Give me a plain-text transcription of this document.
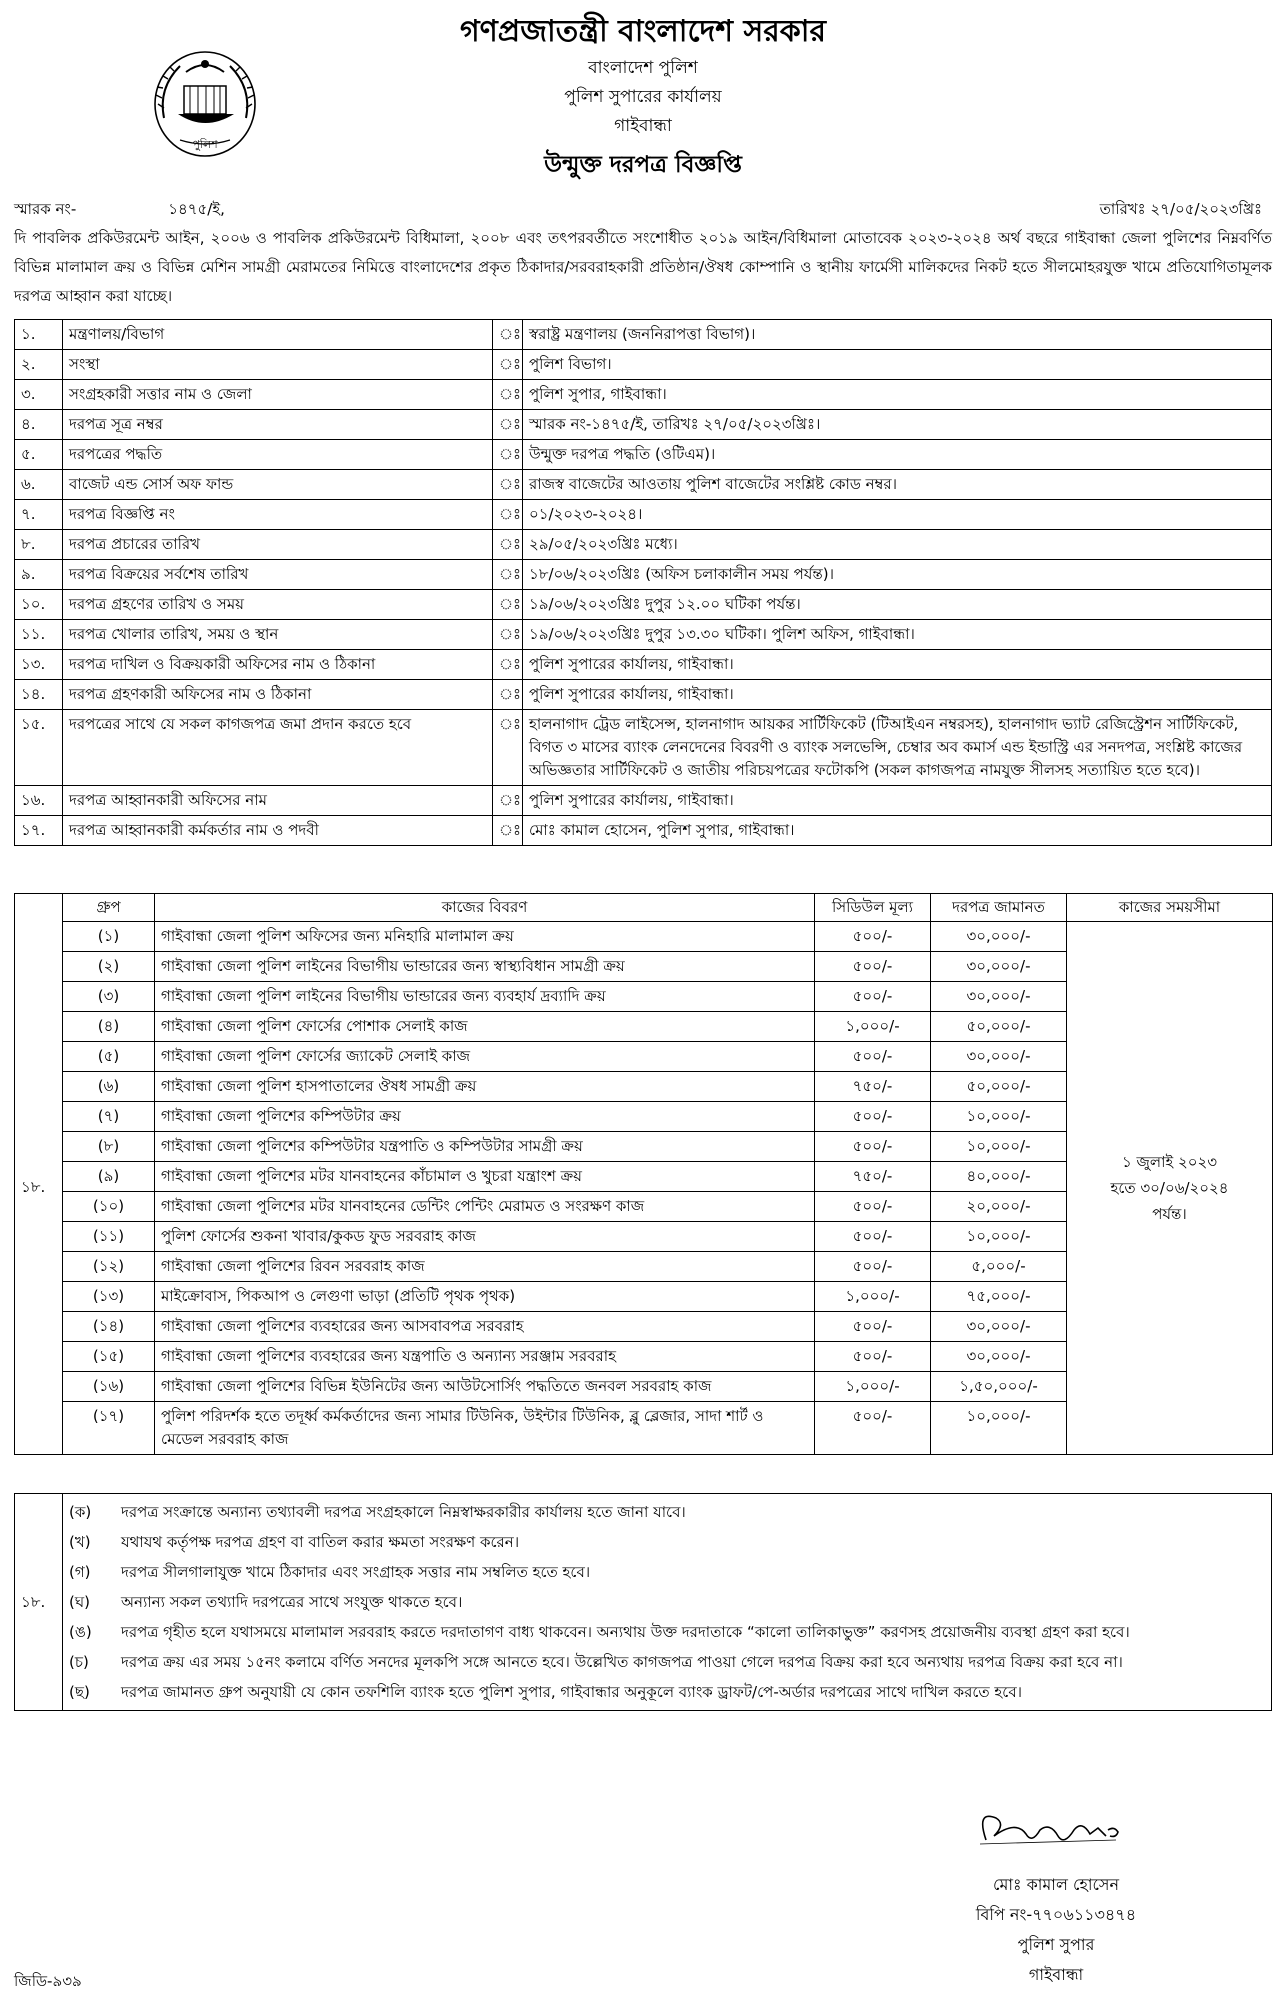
পুলিশ
গণপ্রজাতন্ত্রী বাংলাদেশ সরকার
বাংলাদেশ পুলিশ
পুলিশ সুপারের কার্যালয়
গাইবান্ধা
উন্মুক্ত দরপত্র বিজ্ঞপ্তি
স্মারক নং-	১৪৭৫/ই,	তারিখঃ ২৭/০৫/২০২৩খ্রিঃ
দি পাবলিক প্রকিউরমেন্ট আইন, ২০০৬ ও পাবলিক প্রকিউরমেন্ট বিধিমালা, ২০০৮ এবং তৎপরবর্তীতে সংশোধীত ২০১৯ আইন/বিধিমালা মোতাবেক ২০২৩-২০২৪ অর্থ বছরে গাইবান্ধা জেলা পুলিশের নিম্নবর্ণিত বিভিন্ন মালামাল ক্রয় ও বিভিন্ন মেশিন সামগ্রী মেরামতের নিমিত্তে বাংলাদেশের প্রকৃত ঠিকাদার/সরবরাহকারী প্রতিষ্ঠান/ঔষধ কোম্পানি ও স্থানীয় ফার্মেসী মালিকদের নিকট হতে সীলমোহরযুক্ত খামে প্রতিযোগিতামূলক দরপত্র আহ্বান করা যাচ্ছে।
১.	মন্ত্রণালয়/বিভাগ	ঃ	স্বরাষ্ট্র মন্ত্রণালয় (জননিরাপত্তা বিভাগ)।
২.	সংস্থা	ঃ	পুলিশ বিভাগ।
৩.	সংগ্রহকারী সত্তার নাম ও জেলা	ঃ	পুলিশ সুপার, গাইবান্ধা।
৪.	দরপত্র সূত্র নম্বর	ঃ	স্মারক নং-১৪৭৫/ই, তারিখঃ ২৭/০৫/২০২৩খ্রিঃ।
৫.	দরপত্রের পদ্ধতি	ঃ	উন্মুক্ত দরপত্র পদ্ধতি (ওটিএম)।
৬.	বাজেট এন্ড সোর্স অফ ফান্ড	ঃ	রাজস্ব বাজেটের আওতায় পুলিশ বাজেটের সংশ্লিষ্ট কোড নম্বর।
৭.	দরপত্র বিজ্ঞপ্তি নং	ঃ	০১/২০২৩-২০২৪।
৮.	দরপত্র প্রচারের তারিখ	ঃ	২৯/০৫/২০২৩খ্রিঃ মধ্যে।
৯.	দরপত্র বিক্রয়ের সর্বশেষ তারিখ	ঃ	১৮/০৬/২০২৩খ্রিঃ (অফিস চলাকালীন সময় পর্যন্ত)।
১০.	দরপত্র গ্রহণের তারিখ ও সময়	ঃ	১৯/০৬/২০২৩খ্রিঃ দুপুর ১২.০০ ঘটিকা পর্যন্ত।
১১.	দরপত্র খোলার তারিখ, সময় ও স্থান	ঃ	১৯/০৬/২০২৩খ্রিঃ দুপুর ১৩.৩০ ঘটিকা। পুলিশ অফিস, গাইবান্ধা।
১৩.	দরপত্র দাখিল ও বিক্রয়কারী অফিসের নাম ও ঠিকানা	ঃ	পুলিশ সুপারের কার্যালয়, গাইবান্ধা।
১৪.	দরপত্র গ্রহণকারী অফিসের নাম ও ঠিকানা	ঃ	পুলিশ সুপারের কার্যালয়, গাইবান্ধা।
১৫.	দরপত্রের সাথে যে সকল কাগজপত্র জমা প্রদান করতে হবে	ঃ	হালনাগাদ ট্রেড লাইসেন্স, হালনাগাদ আয়কর সার্টিফিকেট (টিআইএন নম্বরসহ), হালনাগাদ ভ্যাট রেজিস্ট্রেশন সার্টিফিকেট, বিগত ৩ মাসের ব্যাংক লেনদেনের বিবরণী ও ব্যাংক সলভেন্সি, চেম্বার অব কমার্স এন্ড ইন্ডাস্ট্রি এর সনদপত্র, সংশ্লিষ্ট কাজের অভিজ্ঞতার সার্টিফিকেট ও জাতীয় পরিচয়পত্রের ফটোকপি (সকল কাগজপত্র নামযুক্ত সীলসহ সত্যায়িত হতে হবে)।
১৬.	দরপত্র আহ্বানকারী অফিসের নাম	ঃ	পুলিশ সুপারের কার্যালয়, গাইবান্ধা।
১৭.	দরপত্র আহ্বানকারী কর্মকর্তার নাম ও পদবী	ঃ	মোঃ কামাল হোসেন, পুলিশ সুপার, গাইবান্ধা।
	গ্রুপ	কাজের বিবরণ	সিডিউল মূল্য	দরপত্র জামানত	কাজের সময়সীমা
১৮.	(১)	গাইবান্ধা জেলা পুলিশ অফিসের জন্য মনিহারি মালামাল ক্রয়	৫০০/-	৩০,০০০/-	১ জুলাই ২০২৩
হতে ৩০/০৬/২০২৪
পর্যন্ত।

	(২)	গাইবান্ধা জেলা পুলিশ লাইনের বিভাগীয় ভান্ডারের জন্য স্বাস্থ্যবিধান সামগ্রী ক্রয়	৫০০/-	৩০,০০০/-	
	(৩)	গাইবান্ধা জেলা পুলিশ লাইনের বিভাগীয় ভান্ডারের জন্য ব্যবহার্য দ্রব্যাদি ক্রয়	৫০০/-	৩০,০০০/-	
	(৪)	গাইবান্ধা জেলা পুলিশ ফোর্সের পোশাক সেলাই কাজ	১,০০০/-	৫০,০০০/-	
	(৫)	গাইবান্ধা জেলা পুলিশ ফোর্সের জ্যাকেট সেলাই কাজ	৫০০/-	৩০,০০০/-	
	(৬)	গাইবান্ধা জেলা পুলিশ হাসপাতালের ঔষধ সামগ্রী ক্রয়	৭৫০/-	৫০,০০০/-	
	(৭)	গাইবান্ধা জেলা পুলিশের কম্পিউটার ক্রয়	৫০০/-	১০,০০০/-	
	(৮)	গাইবান্ধা জেলা পুলিশের কম্পিউটার যন্ত্রপাতি ও কম্পিউটার সামগ্রী ক্রয়	৫০০/-	১০,০০০/-	
	(৯)	গাইবান্ধা জেলা পুলিশের মটর যানবাহনের কাঁচামাল ও খুচরা যন্ত্রাংশ ক্রয়	৭৫০/-	৪০,০০০/-	
	(১০)	গাইবান্ধা জেলা পুলিশের মটর যানবাহনের ডেন্টিং পেন্টিং মেরামত ও সংরক্ষণ কাজ	৫০০/-	২০,০০০/-	
	(১১)	পুলিশ ফোর্সের শুকনা খাবার/কুকড ফুড সরবরাহ কাজ	৫০০/-	১০,০০০/-	
	(১২)	গাইবান্ধা জেলা পুলিশের রিবন সরবরাহ কাজ	৫০০/-	৫,০০০/-	
	(১৩)	মাইক্রোবাস, পিকআপ ও লেগুণা ভাড়া (প্রতিটি পৃথক পৃথক)	১,০০০/-	৭৫,০০০/-	
	(১৪)	গাইবান্ধা জেলা পুলিশের ব্যবহারের জন্য আসবাবপত্র সরবরাহ	৫০০/-	৩০,০০০/-	
	(১৫)	গাইবান্ধা জেলা পুলিশের ব্যবহারের জন্য যন্ত্রপাতি ও অন্যান্য সরঞ্জাম সরবরাহ	৫০০/-	৩০,০০০/-	
	(১৬)	গাইবান্ধা জেলা পুলিশের বিভিন্ন ইউনিটের জন্য আউটসোর্সিং পদ্ধতিতে জনবল সরবরাহ কাজ	১,০০০/-	১,৫০,০০০/-	
	(১৭)	পুলিশ পরিদর্শক হতে তদূর্ধ্ব কর্মকর্তাদের জন্য সামার টিউনিক, উইন্টার টিউনিক, ব্লু ব্লেজার, সাদা শার্ট ও মেডেল সরবরাহ কাজ	৫০০/-	১০,০০০/-	
১৮.	
(ক)	দরপত্র সংক্রান্তে অন্যান্য তথ্যাবলী দরপত্র সংগ্রহকালে নিম্নস্বাক্ষরকারীর কার্যালয় হতে জানা যাবে।
(খ)	যথাযথ কর্তৃপক্ষ দরপত্র গ্রহণ বা বাতিল করার ক্ষমতা সংরক্ষণ করেন।
(গ)	দরপত্র সীলগালাযুক্ত খামে ঠিকাদার এবং সংগ্রাহক সত্তার নাম সম্বলিত হতে হবে।
(ঘ)	অন্যান্য সকল তথ্যাদি দরপত্রের সাথে সংযুক্ত থাকতে হবে।
(ঙ)	দরপত্র গৃহীত হলে যথাসময়ে মালামাল সরবরাহ করতে দরদাতাগণ বাধ্য থাকবেন। অন্যথায় উক্ত দরদাতাকে “কালো তালিকাভুক্ত” করণসহ প্রয়োজনীয় ব্যবস্থা গ্রহণ করা হবে।
(চ)	দরপত্র ক্রয় এর সময় ১৫নং কলামে বর্ণিত সনদের মূলকপি সঙ্গে আনতে হবে। উল্লেখিত কাগজপত্র পাওয়া গেলে দরপত্র বিক্রয় করা হবে অন্যথায় দরপত্র বিক্রয় করা হবে না।
(ছ)	দরপত্র জামানত গ্রুপ অনুযায়ী যে কোন তফশিলি ব্যাংক হতে পুলিশ সুপার, গাইবান্ধার অনুকূলে ব্যাংক ড্রাফট/পে-অর্ডার দরপত্রের সাথে দাখিল করতে হবে।
মোঃ কামাল হোসেন
বিপি নং-৭৭০৬১১৩৪৭৪
পুলিশ সুপার
গাইবান্ধা
জিডি-৯৩৯
